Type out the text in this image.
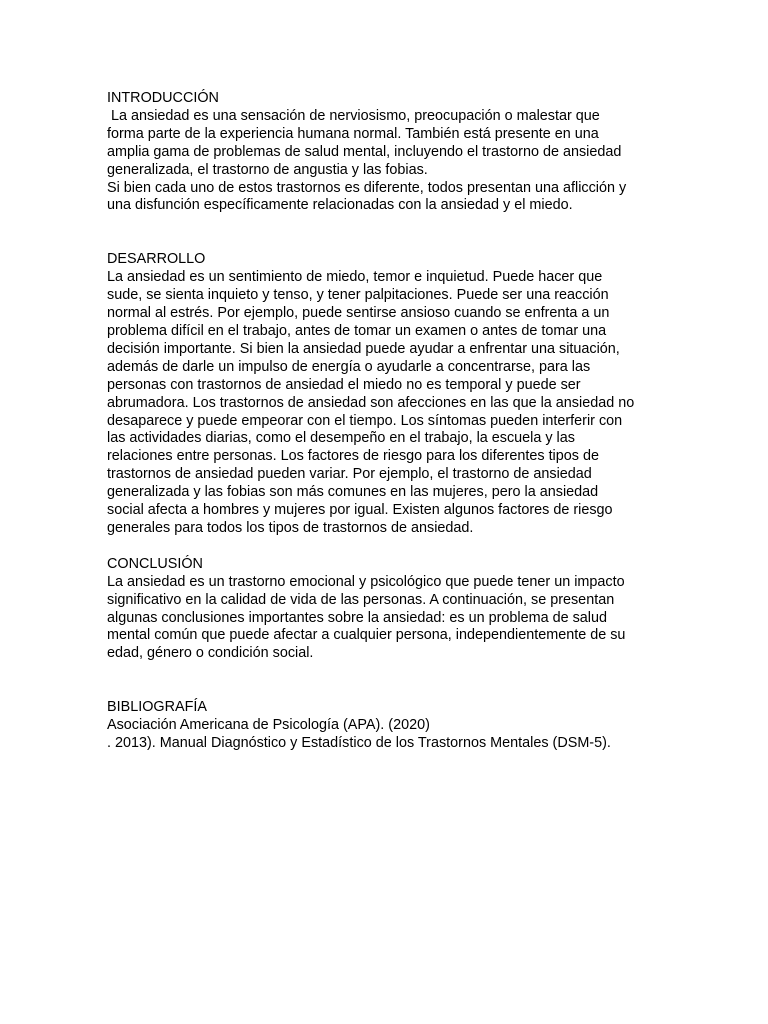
INTRODUCCIÓN
La ansiedad es una sensación de nerviosismo, preocupación o malestar que
forma parte de la experiencia humana normal. También está presente en una
amplia gama de problemas de salud mental, incluyendo el trastorno de ansiedad
generalizada, el trastorno de angustia y las fobias.
Si bien cada uno de estos trastornos es diferente, todos presentan una aflicción y
una disfunción específicamente relacionadas con la ansiedad y el miedo.
DESARROLLO
La ansiedad es un sentimiento de miedo, temor e inquietud. Puede hacer que
sude, se sienta inquieto y tenso, y tener palpitaciones. Puede ser una reacción
normal al estrés. Por ejemplo, puede sentirse ansioso cuando se enfrenta a un
problema difícil en el trabajo, antes de tomar un examen o antes de tomar una
decisión importante. Si bien la ansiedad puede ayudar a enfrentar una situación,
además de darle un impulso de energía o ayudarle a concentrarse, para las
personas con trastornos de ansiedad el miedo no es temporal y puede ser
abrumadora. Los trastornos de ansiedad son afecciones en las que la ansiedad no
desaparece y puede empeorar con el tiempo. Los síntomas pueden interferir con
las actividades diarias, como el desempeño en el trabajo, la escuela y las
relaciones entre personas. Los factores de riesgo para los diferentes tipos de
trastornos de ansiedad pueden variar. Por ejemplo, el trastorno de ansiedad
generalizada y las fobias son más comunes en las mujeres, pero la ansiedad
social afecta a hombres y mujeres por igual. Existen algunos factores de riesgo
generales para todos los tipos de trastornos de ansiedad.
CONCLUSIÓN
La ansiedad es un trastorno emocional y psicológico que puede tener un impacto
significativo en la calidad de vida de las personas. A continuación, se presentan
algunas conclusiones importantes sobre la ansiedad: es un problema de salud
mental común que puede afectar a cualquier persona, independientemente de su
edad, género o condición social.
BIBLIOGRAFÍA
Asociación Americana de Psicología (APA). (2020)
. 2013). Manual Diagnóstico y Estadístico de los Trastornos Mentales (DSM-5).
